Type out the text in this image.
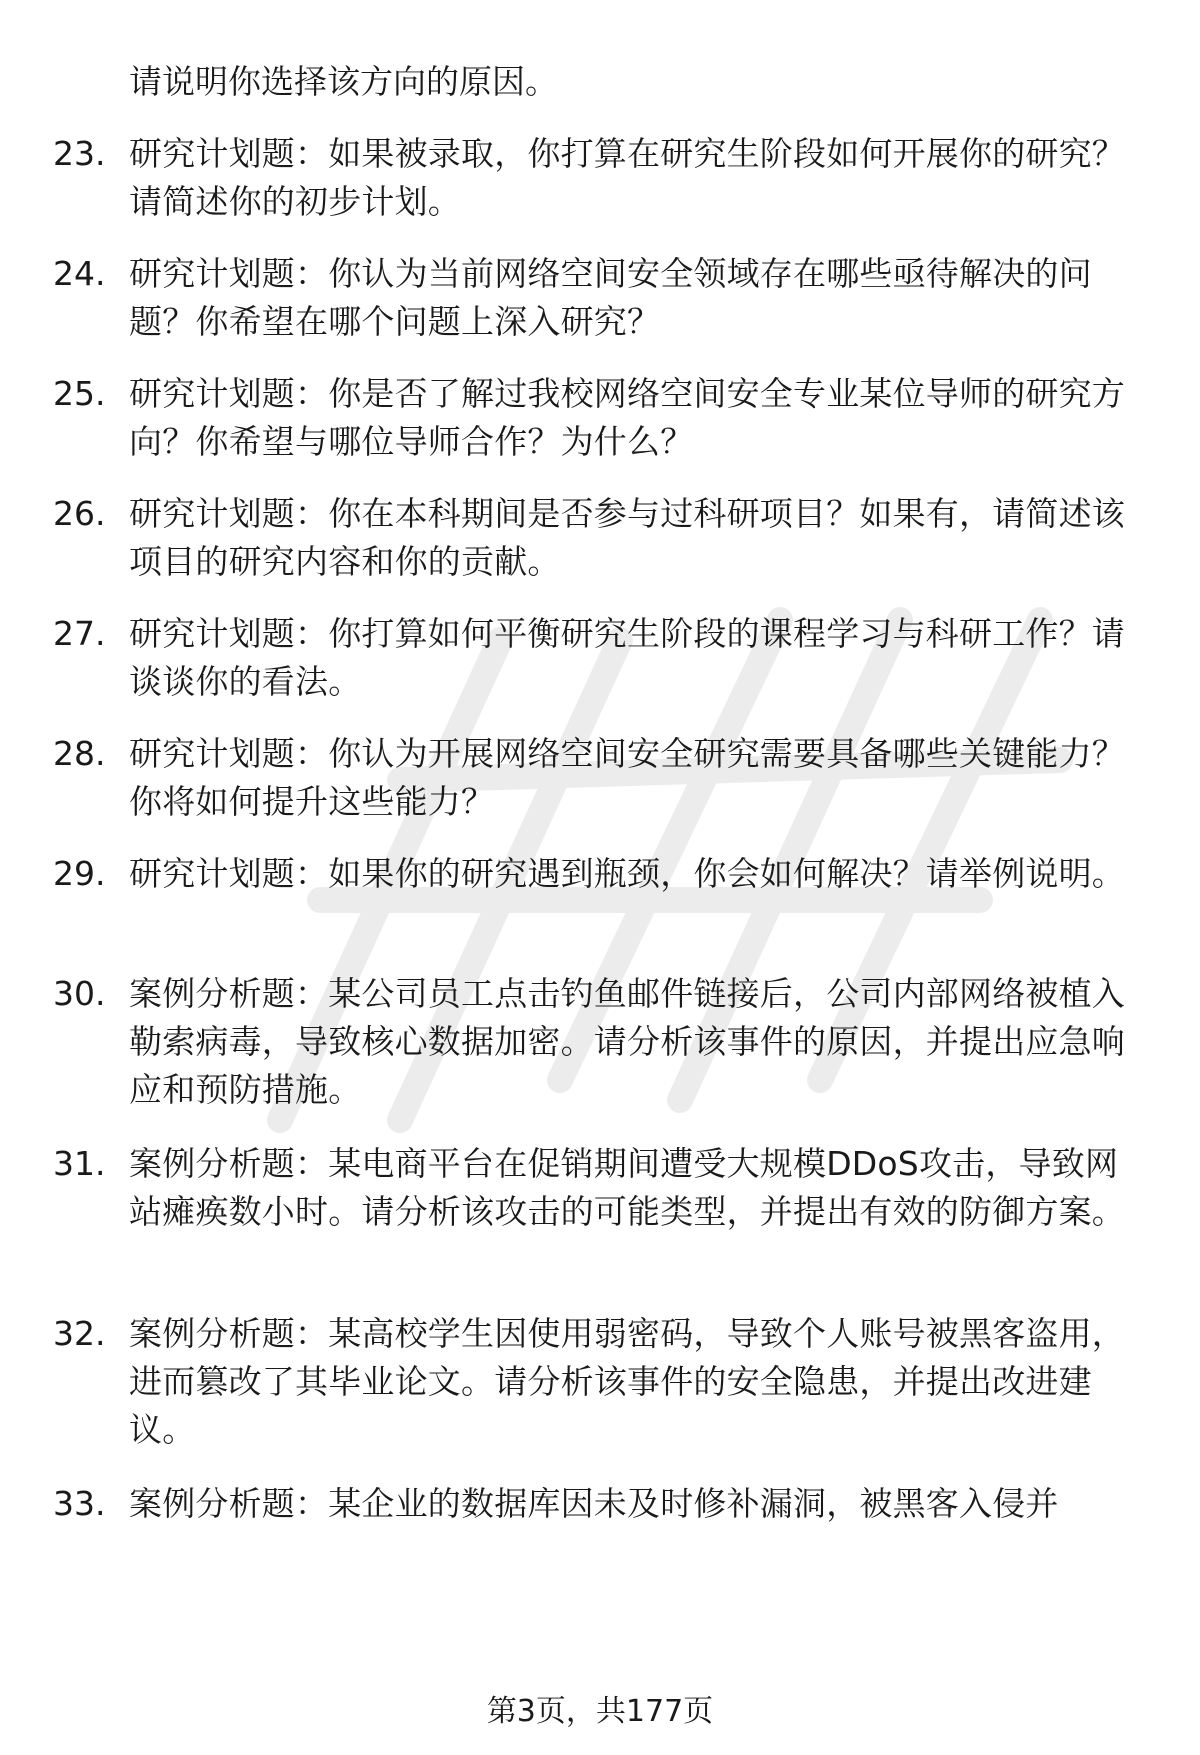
请说明你选择该方向的原因。
23. 研究计划题：如果被录取，你打算在研究生阶段如何开展你的研究？请简述你的初步计划。
24. 研究计划题：你认为当前网络空间安全领域存在哪些亟待解决的问题？你希望在哪个问题上深入研究？
25. 研究计划题：你是否了解过我校网络空间安全专业某位导师的研究方向？你希望与哪位导师合作？为什么？
26. 研究计划题：你在本科期间是否参与过科研项目？如果有，请简述该项目的研究内容和你的贡献。
27. 研究计划题：你打算如何平衡研究生阶段的课程学习与科研工作？请谈谈你的看法。
28. 研究计划题：你认为开展网络空间安全研究需要具备哪些关键能力？你将如何提升这些能力？
29. 研究计划题：如果你的研究遇到瓶颈，你会如何解决？请举例说明。
30. 案例分析题：某公司员工点击钓鱼邮件链接后，公司内部网络被植入勒索病毒，导致核心数据加密。请分析该事件的原因，并提出应急响应和预防措施。
31. 案例分析题：某电商平台在促销期间遭受大规模DDoS攻击，导致网站瘫痪数小时。请分析该攻击的可能类型，并提出有效的防御方案。
32. 案例分析题：某高校学生因使用弱密码，导致个人账号被黑客盗用，进而篡改了其毕业论文。请分析该事件的安全隐患，并提出改进建议。
33. 案例分析题：某企业的数据库因未及时修补漏洞，被黑客入侵并
第3页，共177页
